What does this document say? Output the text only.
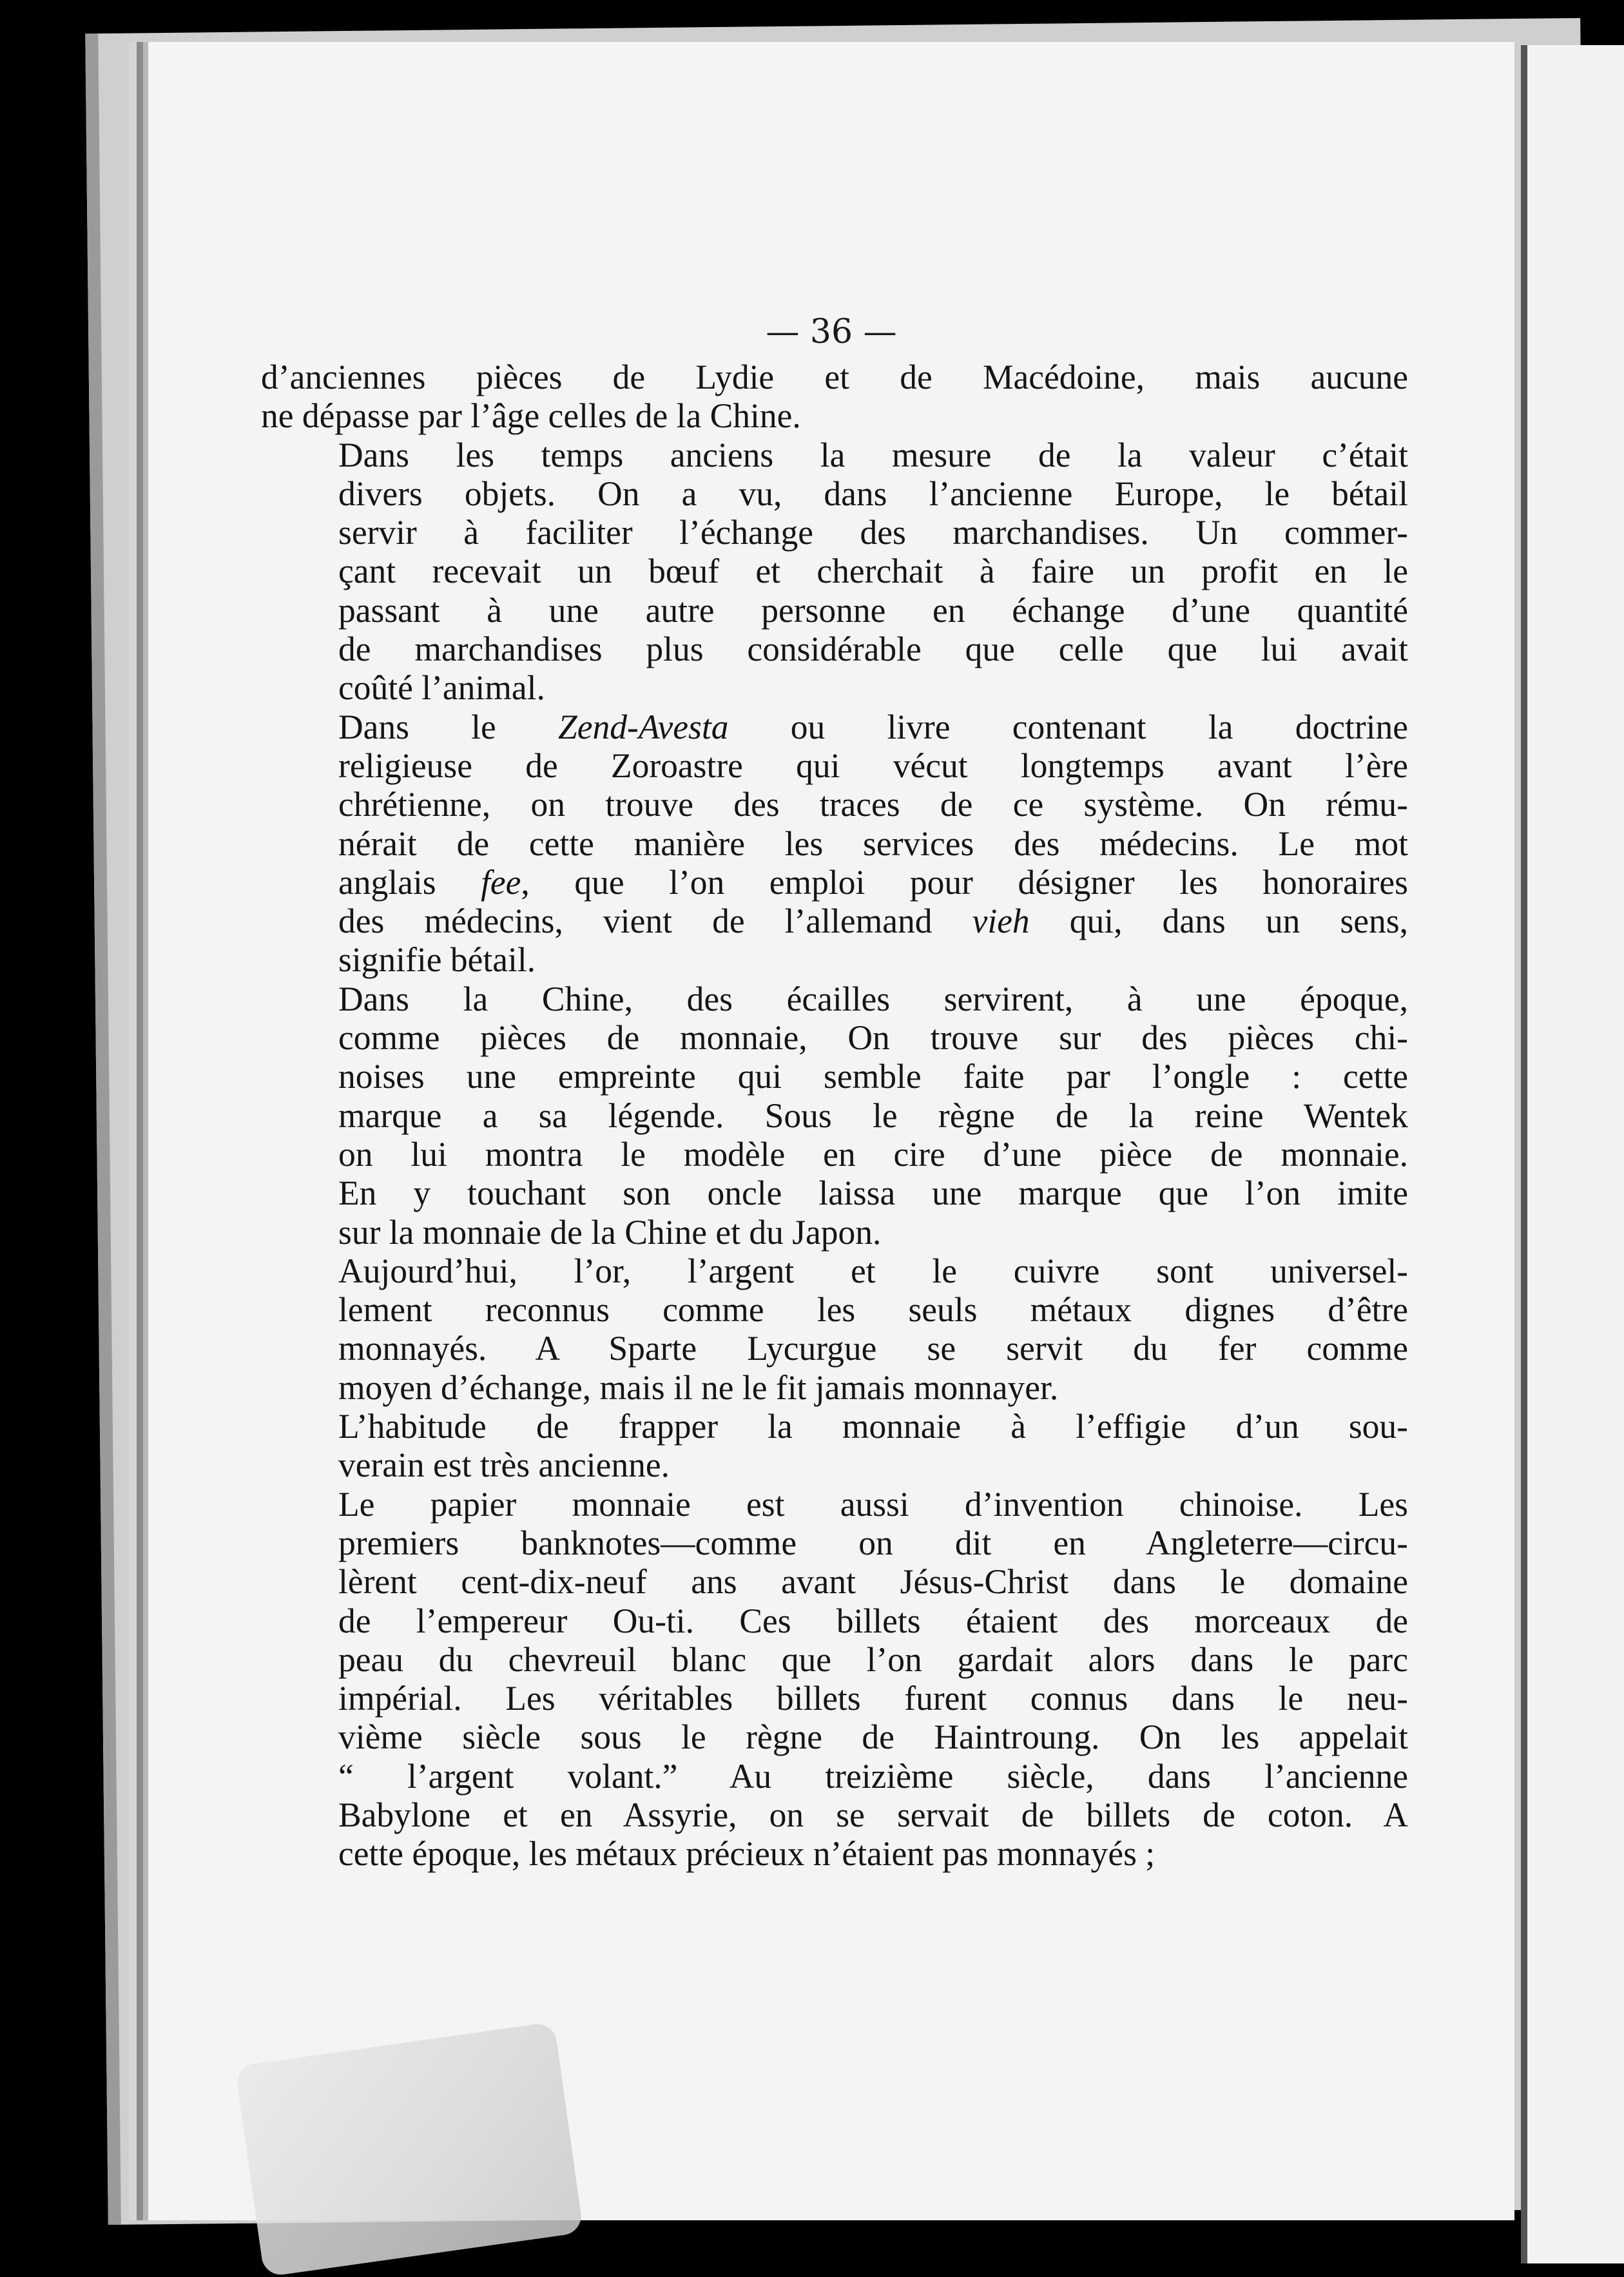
— 36 —
d’anciennes pièces de Lydie et de Macédoine, mais aucune
ne dépasse par l’âge celles de la Chine.
Dans les temps anciens la mesure de la valeur c’était
divers objets. On a vu, dans l’ancienne Europe, le bétail
servir à faciliter l’échange des marchandises. Un commer-
çant recevait un bœuf et cherchait à faire un profit en le
passant à une autre personne en échange d’une quantité
de marchandises plus considérable que celle que lui avait
coûté l’animal.
Dans le Zend-Avesta ou livre contenant la doctrine
religieuse de Zoroastre qui vécut longtemps avant l’ère
chrétienne, on trouve des traces de ce système. On rému-
nérait de cette manière les services des médecins. Le mot
anglais fee, que l’on emploi pour désigner les honoraires
des médecins, vient de l’allemand vieh qui, dans un sens,
signifie bétail.
Dans la Chine, des écailles servirent, à une époque,
comme pièces de monnaie, On trouve sur des pièces chi-
noises une empreinte qui semble faite par l’ongle : cette
marque a sa légende. Sous le règne de la reine Wentek
on lui montra le modèle en cire d’une pièce de monnaie.
En y touchant son oncle laissa une marque que l’on imite
sur la monnaie de la Chine et du Japon.
Aujourd’hui, l’or, l’argent et le cuivre sont universel-
lement reconnus comme les seuls métaux dignes d’être
monnayés. A Sparte Lycurgue se servit du fer comme
moyen d’échange, mais il ne le fit jamais monnayer.
L’habitude de frapper la monnaie à l’effigie d’un sou-
verain est très ancienne.
Le papier monnaie est aussi d’invention chinoise. Les
premiers banknotes—comme on dit en Angleterre—circu-
lèrent cent-dix-neuf ans avant Jésus-Christ dans le domaine
de l’empereur Ou-ti. Ces billets étaient des morceaux de
peau du chevreuil blanc que l’on gardait alors dans le parc
impérial. Les véritables billets furent connus dans le neu-
vième siècle sous le règne de Haintroung. On les appelait
“ l’argent volant.” Au treizième siècle, dans l’ancienne
Babylone et en Assyrie, on se servait de billets de coton. A
cette époque, les métaux précieux n’étaient pas monnayés ;
